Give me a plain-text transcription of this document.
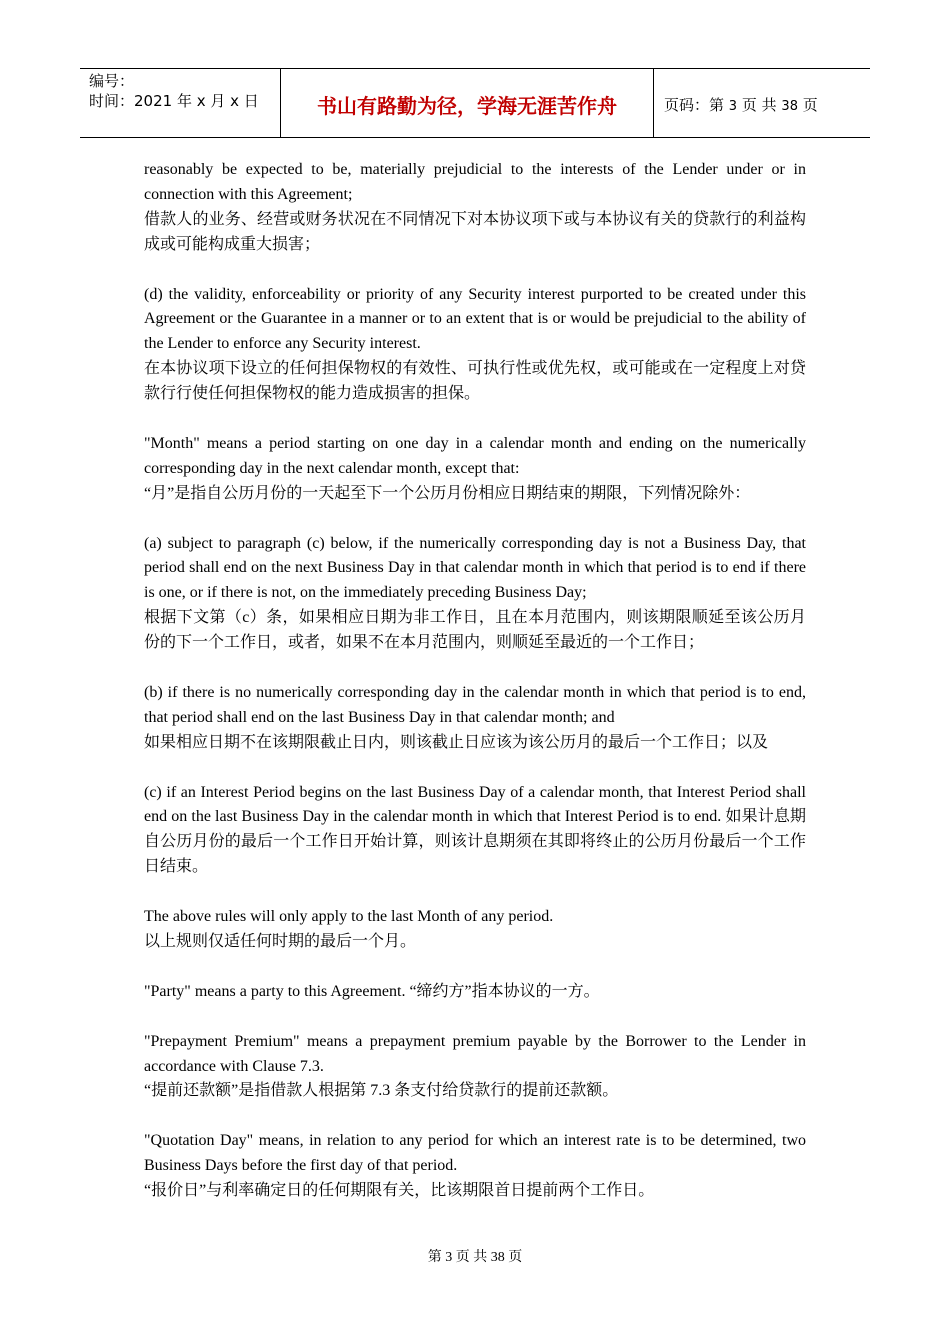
编号：
时间：2021 年 x 月 x 日	书山有路勤为径，学海无涯苦作舟	页码：第 3 页 共 38 页

reasonably be expected to be, materially prejudicial to the interests of the Lender under or in connection with this Agreement;
借款人的业务、经营或财务状况在不同情况下对本协议项下或与本协议有关的贷款行的利益构成或可能构成重大损害；

(d) the validity, enforceability or priority of any Security interest purported to be created under this Agreement or the Guarantee in a manner or to an extent that is or would be prejudicial to the ability of the Lender to enforce any Security interest.
在本协议项下设立的任何担保物权的有效性、可执行性或优先权，或可能或在一定程度上对贷款行行使任何担保物权的能力造成损害的担保。

"Month" means a period starting on one day in a calendar month and ending on the numerically corresponding day in the next calendar month, except that:
“月”是指自公历月份的一天起至下一个公历月份相应日期结束的期限，下列情况除外：

(a) subject to paragraph (c) below, if the numerically corresponding day is not a Business Day, that period shall end on the next Business Day in that calendar month in which that period is to end if there is one, or if there is not, on the immediately preceding Business Day;
根据下文第（c）条，如果相应日期为非工作日，且在本月范围内，则该期限顺延至该公历月份的下一个工作日，或者，如果不在本月范围内，则顺延至最近的一个工作日；

(b) if there is no numerically corresponding day in the calendar month in which that period is to end, that period shall end on the last Business Day in that calendar month; and
如果相应日期不在该期限截止日内，则该截止日应该为该公历月的最后一个工作日；以及

(c) if an Interest Period begins on the last Business Day of a calendar month, that Interest Period shall end on the last Business Day in the calendar month in which that Interest Period is to end. 如果计息期自公历月份的最后一个工作日开始计算，则该计息期须在其即将终止的公历月份最后一个工作日结束。

The above rules will only apply to the last Month of any period.
以上规则仅适任何时期的最后一个月。

"Party" means a party to this Agreement. “缔约方”指本协议的一方。

"Prepayment Premium" means a prepayment premium payable by the Borrower to the Lender in accordance with Clause 7.3.
“提前还款额”是指借款人根据第 7.3 条支付给贷款行的提前还款额。

"Quotation Day" means, in relation to any period for which an interest rate is to be determined, two Business Days before the first day of that period.
“报价日”与利率确定日的任何期限有关，比该期限首日提前两个工作日。

第 3 页 共 38 页
